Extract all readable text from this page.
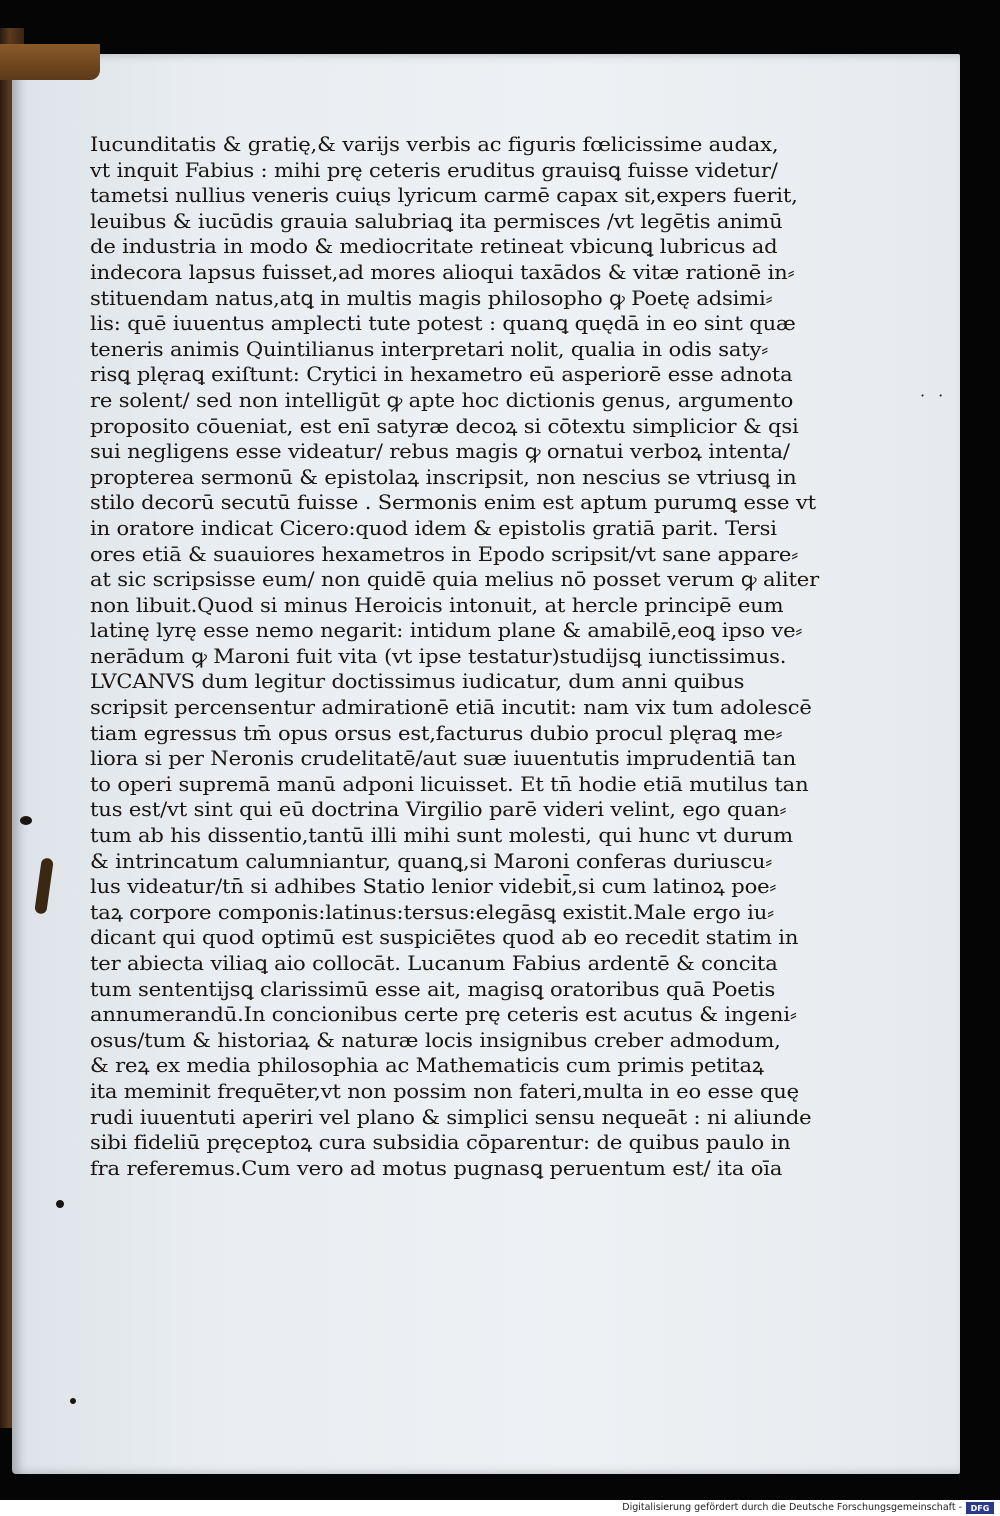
Iucunditatis & gratię,& varijs verbis ac figuris fœlicissime audax,
vt inquit Fabius : mihi prę ceteris eruditus grauisꝗ fuisse videtur/
tametsi nullius veneris cuiųs lyricum carmē capax sit,expers fuerit,
leuibus & iucūdis grauia salubriaꝗ ita permisces /vt legētis animū
de industria in modo & mediocritate retineat vbicunꝗ lubricus ad
indecora lapsus fuisset,ad mores alioqui taxādos & vitæ rationē in⸗
stituendam natus,atꝗ in multis magis philosopho ꝙ Poetę adsimi⸗
lis: quē iuuentus amplecti tute potest : quanꝗ quędā in eo sint quæ
teneris animis Quintilianus interpretari nolit, qualia in odis saty⸗
risꝗ plęraꝗ exiſtunt: Crytici in hexametro eū asperiorē esse adnota
re solent/ sed non intelligūt ꝙ apte hoc dictionis genus, argumento
proposito cōueniat, est enī satyræ decoꝝ si cōtextu simplicior & qsi
sui negligens esse videatur/ rebus magis ꝙ ornatui verboꝝ intenta/
propterea sermonū & epistolaꝝ inscripsit, non nescius se vtriusꝗ in
stilo decorū secutū fuisse . Sermonis enim est aptum purumꝗ esse vt
in oratore indicat Cicero:quod idem & epistolis gratiā parit. Tersi
ores etiā & suauiores hexametros in Epodo scripsit/vt sane appare⸗
at sic scripsisse eum/ non quidē quia melius nō posset verum ꝙ aliter
non libuit.Quod si minus Heroicis intonuit, at hercle principē eum
latinę lyrę esse nemo negarit: intidum plane & amabilē,eoꝗ ipso ve⸗
nerādum ꝙ Maroni fuit vita (vt ipse testatur)studijsꝗ iunctissimus.
LVCANVS dum legitur doctissimus iudicatur, dum anni quibus
scripsit percensentur admirationē etiā incutit: nam vix tum adolescē
tiam egressus tm̄ opus orsus est,facturus dubio procul plęraꝗ me⸗
liora si per Neronis crudelitatē/aut suæ iuuentutis imprudentiā tan
to operi supremā manū adponi licuisset. Et tn̄ hodie etiā mutilus tan
tus est/vt sint qui eū doctrina Virgilio parē videri velint, ego quan⸗
tum ab his dissentio,tantū illi mihi sunt molesti, qui hunc vt durum
& intrincatum calumniantur, quanꝗ,si Maroni conferas duriuscu⸗
lus videatur/tn̄ si adhibes Statio lenior videbit̄,si cum latinoꝝ poe⸗
taꝝ corpore componis:latinus:tersus:elegāsꝗ existit.Male ergo iu⸗
dicant qui quod optimū est suspiciētes quod ab eo recedit statim in
ter abiecta viliaꝗ aio collocāt. Lucanum Fabius ardentē & concita
tum sententijsꝗ clarissimū esse ait, magisꝗ oratoribus quā Poetis
annumerandū.In concionibus certe prę ceteris est acutus & ingeni⸗
osus/tum & historiaꝝ & naturæ locis insignibus creber admodum,
& reꝝ ex media philosophia ac Mathematicis cum primis petitaꝝ
ita meminit frequēter,vt non possim non fateri,multa in eo esse quę
rudi iuuentuti aperiri vel plano & simplici sensu nequeāt : ni aliunde
sibi fideliū pręceptoꝝ cura subsidia cōparentur: de quibus paulo in
fra referemus.Cum vero ad motus pugnasꝗ peruentum est/ ita oīa
· ·
Digitalisierung gefördert durch die Deutsche Forschungsgemeinschaft -	DFG
